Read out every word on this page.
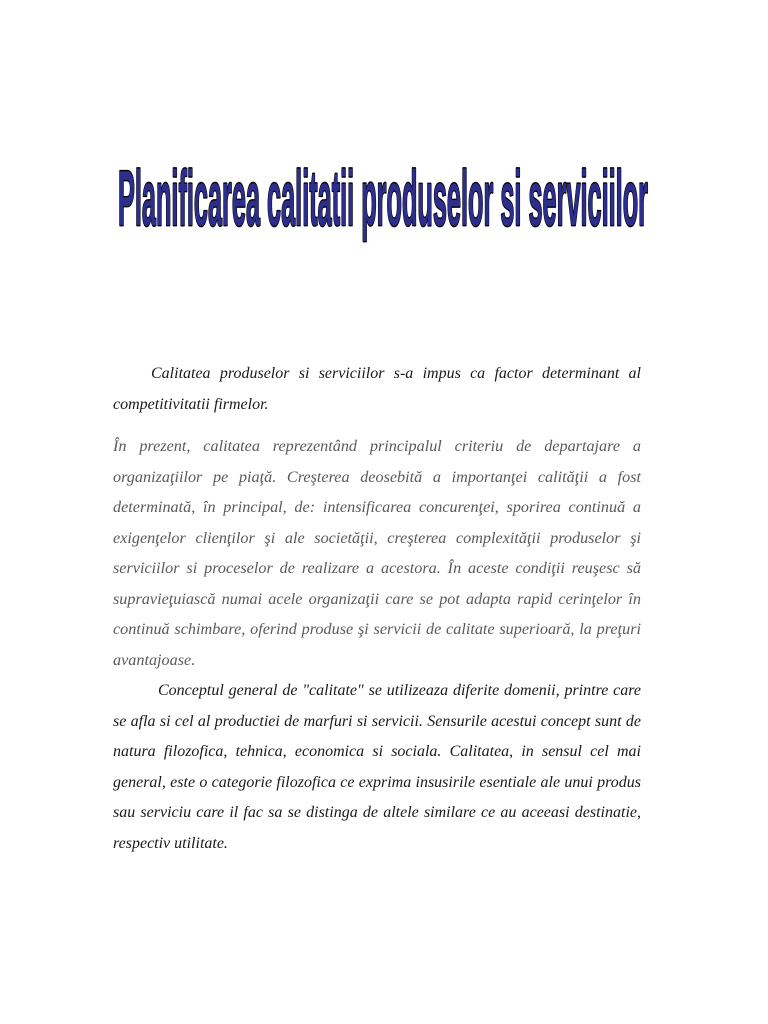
Planificarea calitatii produselor si serviciilor

Calitatea produselor si serviciilor s-a impus ca factor determinant al competitivitatii firmelor.

În prezent, calitatea reprezentând principalul criteriu de departajare a organizaţiilor pe piaţă. Creşterea deosebită a importanţei calităţii a fost determinată, în principal, de: intensificarea concurenţei, sporirea continuă a exigenţelor clienţilor şi ale societăţii, creşterea complexităţii produselor şi serviciilor si proceselor de realizare a acestora. În aceste condiţii reuşesc să supravieţuiască numai acele organizaţii care se pot adapta rapid cerinţelor în continuă schimbare, oferind produse şi servicii de calitate superioară, la preţuri avantajoase.

Conceptul general de "calitate" se utilizeaza diferite domenii, printre care se afla si cel al productiei de marfuri si servicii. Sensurile acestui concept sunt de natura filozofica, tehnica, economica si sociala. Calitatea, in sensul cel mai general, este o categorie filozofica ce exprima insusirile esentiale ale unui produs sau serviciu care il fac sa se distinga de altele similare ce au aceeasi destinatie, respectiv utilitate.
